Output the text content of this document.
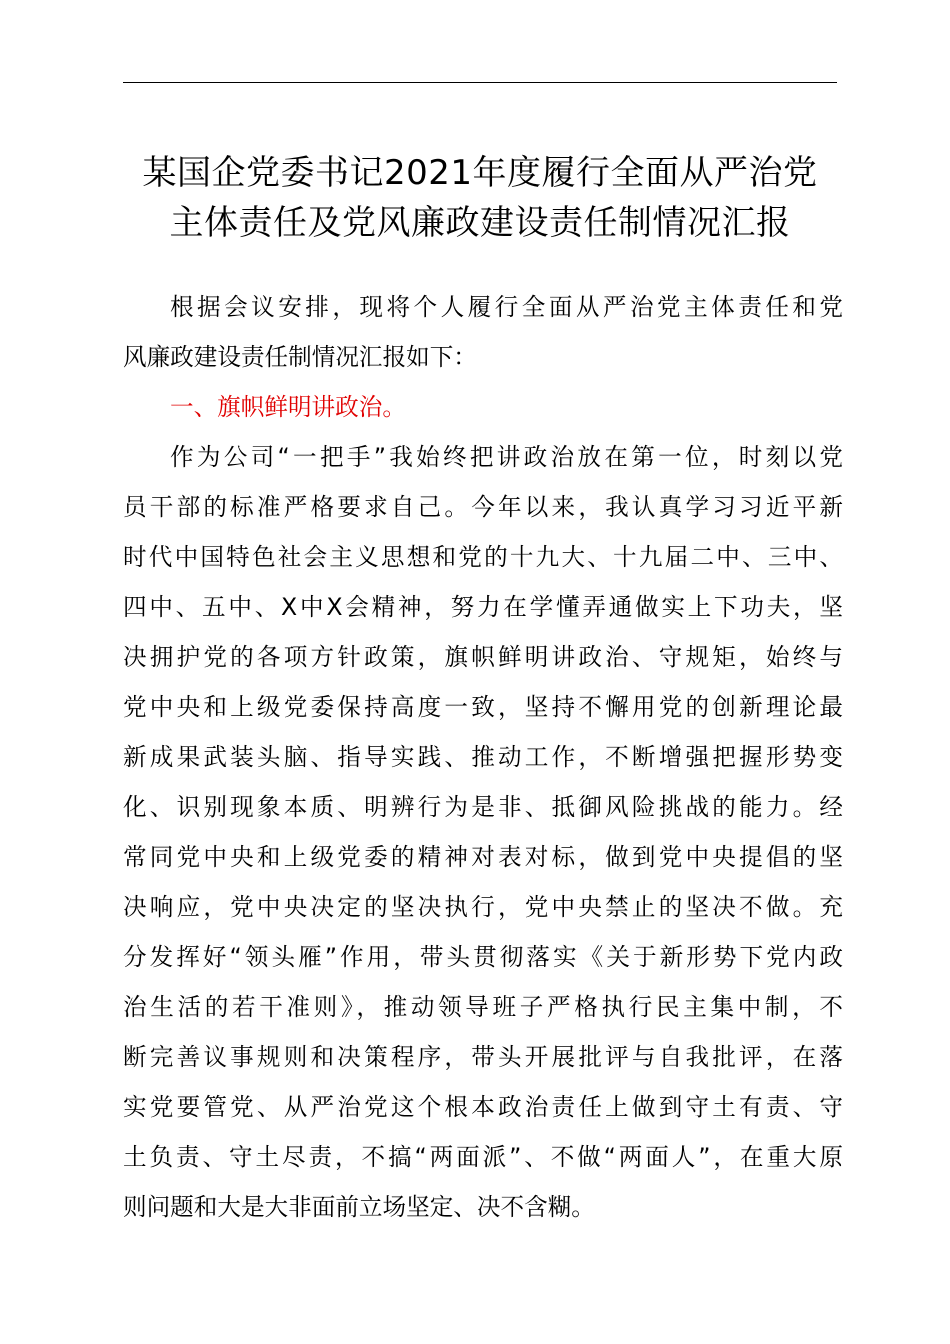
某国企党委书记2021年度履行全面从严治党
主体责任及党风廉政建设责任制情况汇报

根据会议安排，现将个人履行全面从严治党主体责任和党
风廉政建设责任制情况汇报如下：

一、旗帜鲜明讲政治。

作为公司“一把手”我始终把讲政治放在第一位，时刻以党
员干部的标准严格要求自己。今年以来，我认真学习习近平新
时代中国特色社会主义思想和党的十九大、十九届二中、三中、
四中、五中、X中X会精神，努力在学懂弄通做实上下功夫，坚
决拥护党的各项方针政策，旗帜鲜明讲政治、守规矩，始终与
党中央和上级党委保持高度一致，坚持不懈用党的创新理论最
新成果武装头脑、指导实践、推动工作，不断增强把握形势变
化、识别现象本质、明辨行为是非、抵御风险挑战的能力。经
常同党中央和上级党委的精神对表对标，做到党中央提倡的坚
决响应，党中央决定的坚决执行，党中央禁止的坚决不做。充
分发挥好“领头雁”作用，带头贯彻落实《关于新形势下党内政
治生活的若干准则》，推动领导班子严格执行民主集中制，不
断完善议事规则和决策程序，带头开展批评与自我批评，在落
实党要管党、从严治党这个根本政治责任上做到守土有责、守
土负责、守土尽责，不搞“两面派”、不做“两面人”，在重大原
则问题和大是大非面前立场坚定、决不含糊。
